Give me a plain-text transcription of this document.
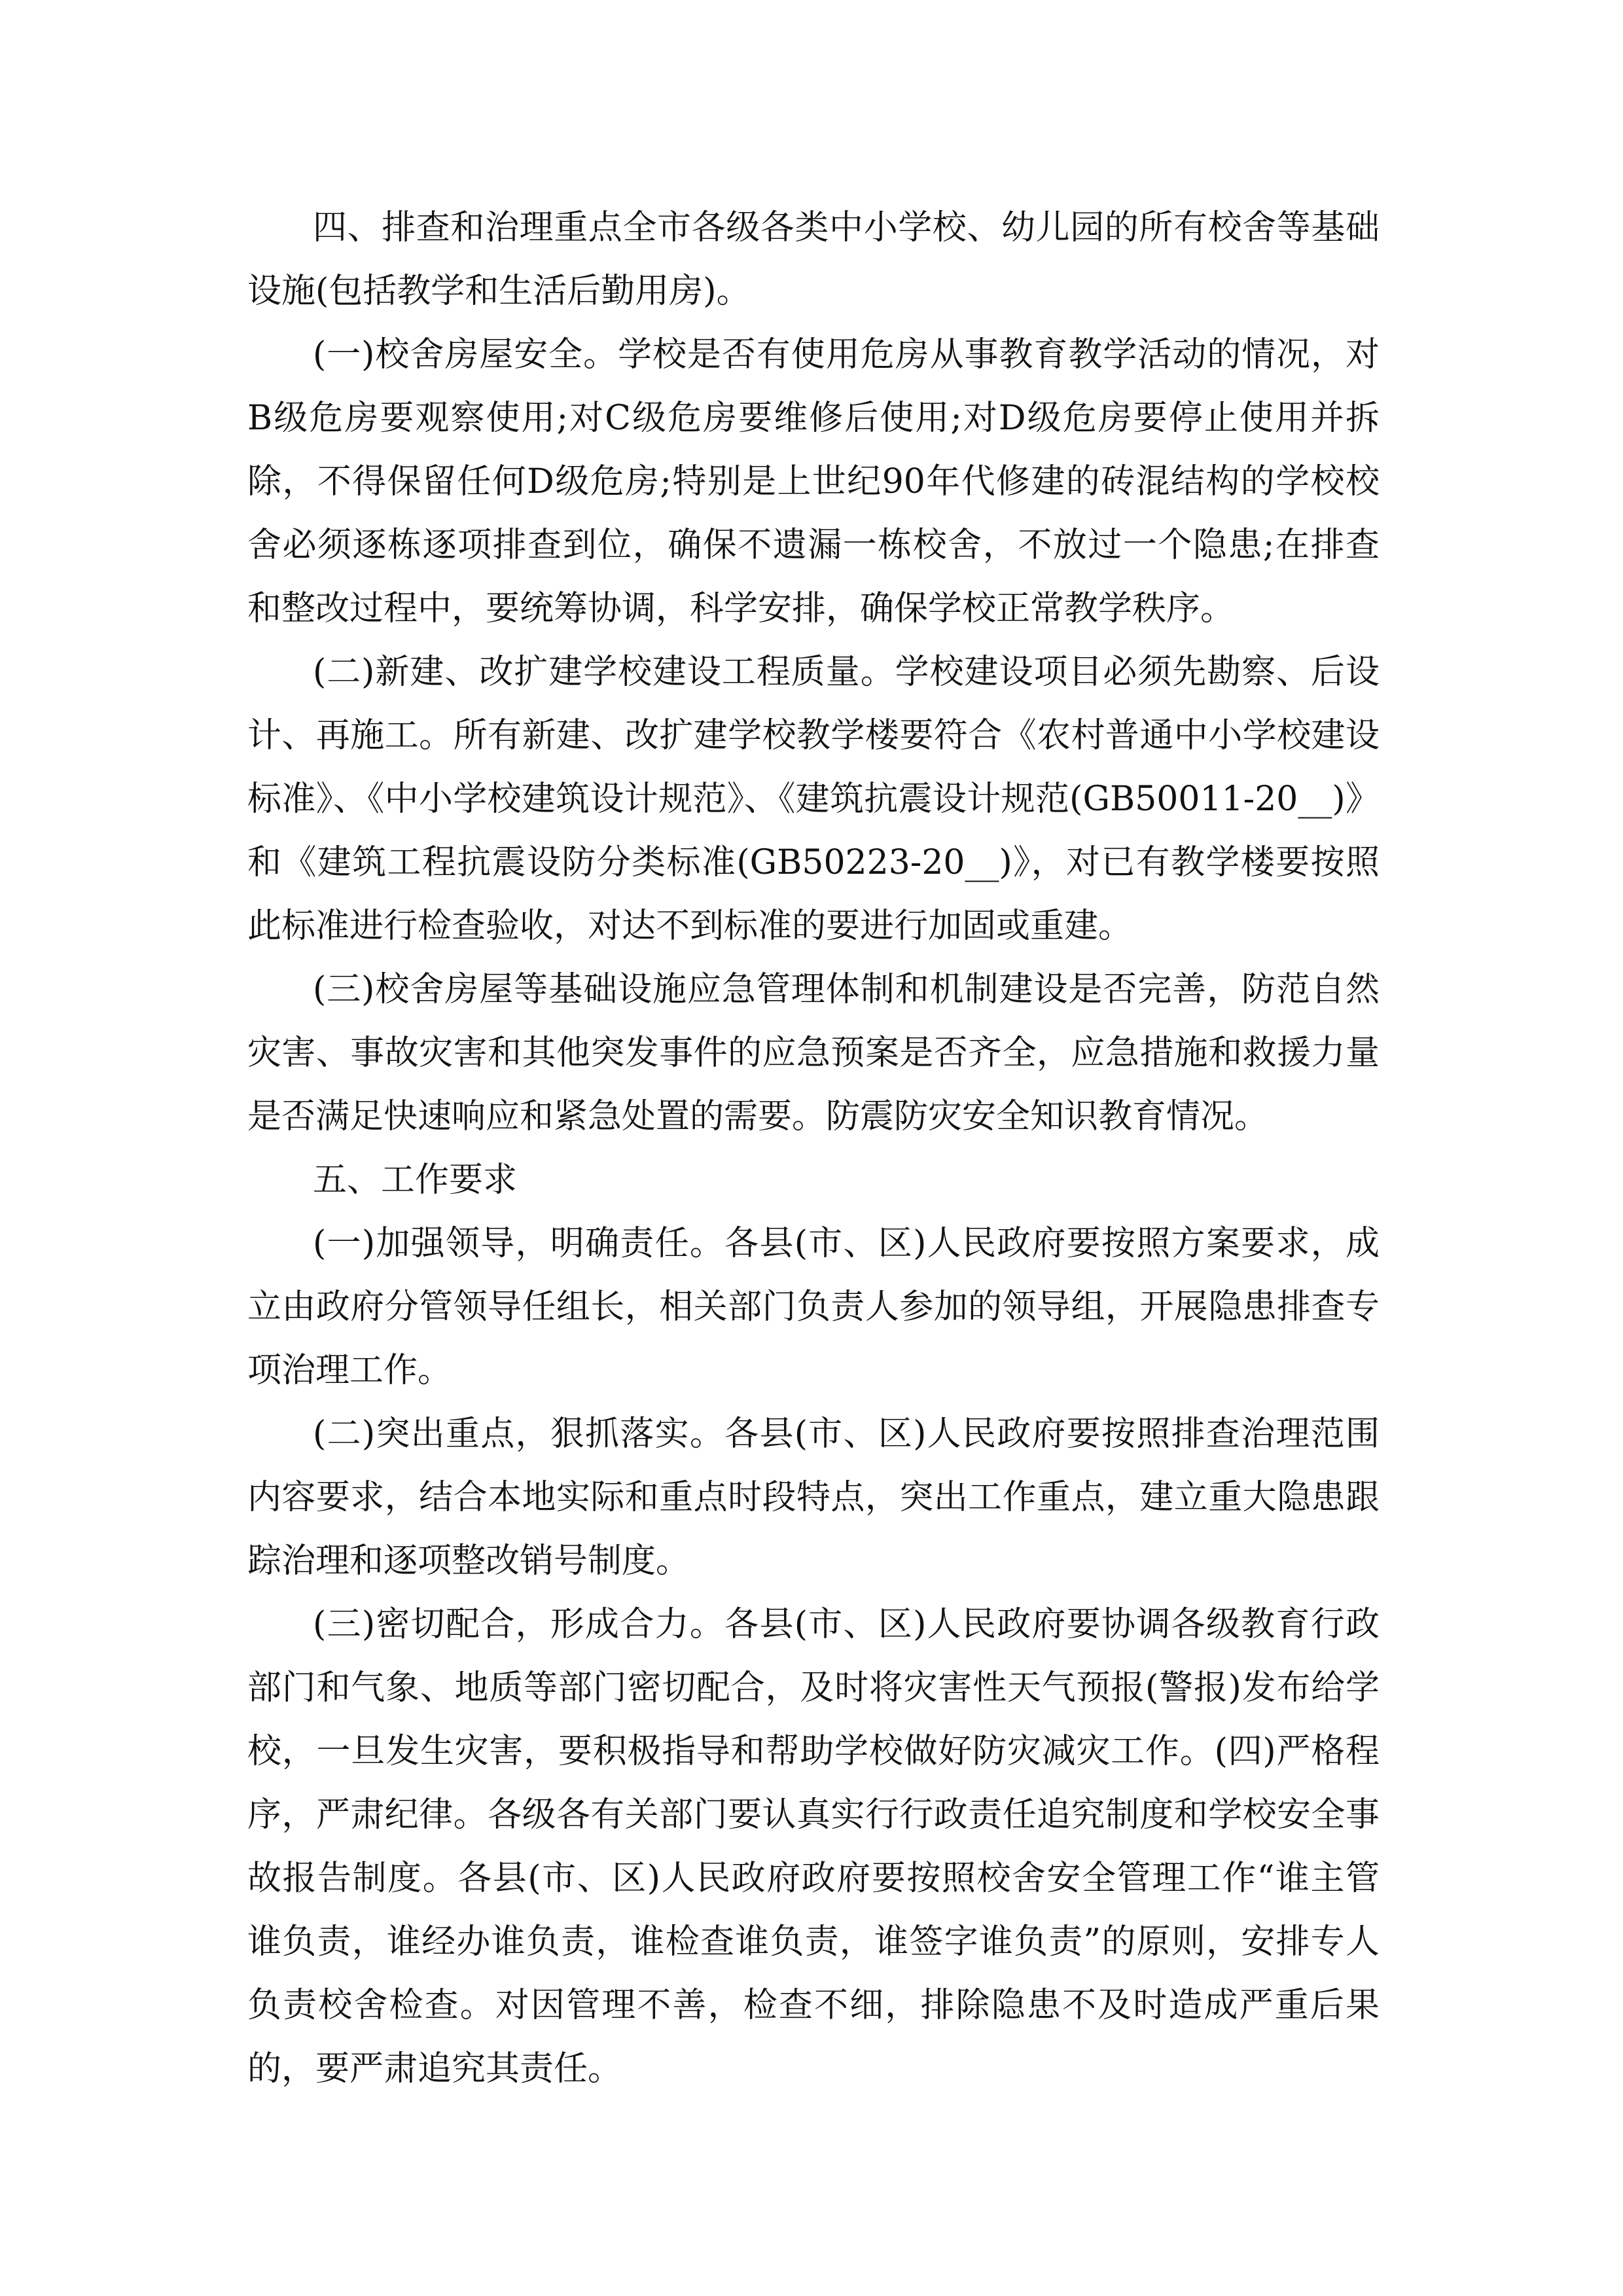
四、排查和治理重点全市各级各类中小学校、幼儿园的所有校舍等基础设施(包括教学和生活后勤用房)。

(一)校舍房屋安全。学校是否有使用危房从事教育教学活动的情况，对B级危房要观察使用;对C级危房要维修后使用;对D级危房要停止使用并拆除，不得保留任何D级危房;特别是上世纪90年代修建的砖混结构的学校校舍必须逐栋逐项排查到位，确保不遗漏一栋校舍，不放过一个隐患;在排查和整改过程中，要统筹协调，科学安排，确保学校正常教学秩序。

(二)新建、改扩建学校建设工程质量。学校建设项目必须先勘察、后设计、再施工。所有新建、改扩建学校教学楼要符合《农村普通中小学校建设标准》、《中小学校建筑设计规范》、《建筑抗震设计规范(GB50011-20__)》和《建筑工程抗震设防分类标准(GB50223-20__)》，对已有教学楼要按照此标准进行检查验收，对达不到标准的要进行加固或重建。

(三)校舍房屋等基础设施应急管理体制和机制建设是否完善，防范自然灾害、事故灾害和其他突发事件的应急预案是否齐全，应急措施和救援力量是否满足快速响应和紧急处置的需要。防震防灾安全知识教育情况。

五、工作要求

(一)加强领导，明确责任。各县(市、区)人民政府要按照方案要求，成立由政府分管领导任组长，相关部门负责人参加的领导组，开展隐患排查专项治理工作。

(二)突出重点，狠抓落实。各县(市、区)人民政府要按照排查治理范围内容要求，结合本地实际和重点时段特点，突出工作重点，建立重大隐患跟踪治理和逐项整改销号制度。

(三)密切配合，形成合力。各县(市、区)人民政府要协调各级教育行政部门和气象、地质等部门密切配合，及时将灾害性天气预报(警报)发布给学校，一旦发生灾害，要积极指导和帮助学校做好防灾减灾工作。(四)严格程序，严肃纪律。各级各有关部门要认真实行行政责任追究制度和学校安全事故报告制度。各县(市、区)人民政府政府要按照校舍安全管理工作“谁主管谁负责，谁经办谁负责，谁检查谁负责，谁签字谁负责”的原则，安排专人负责校舍检查。对因管理不善，检查不细，排除隐患不及时造成严重后果的，要严肃追究其责任。
